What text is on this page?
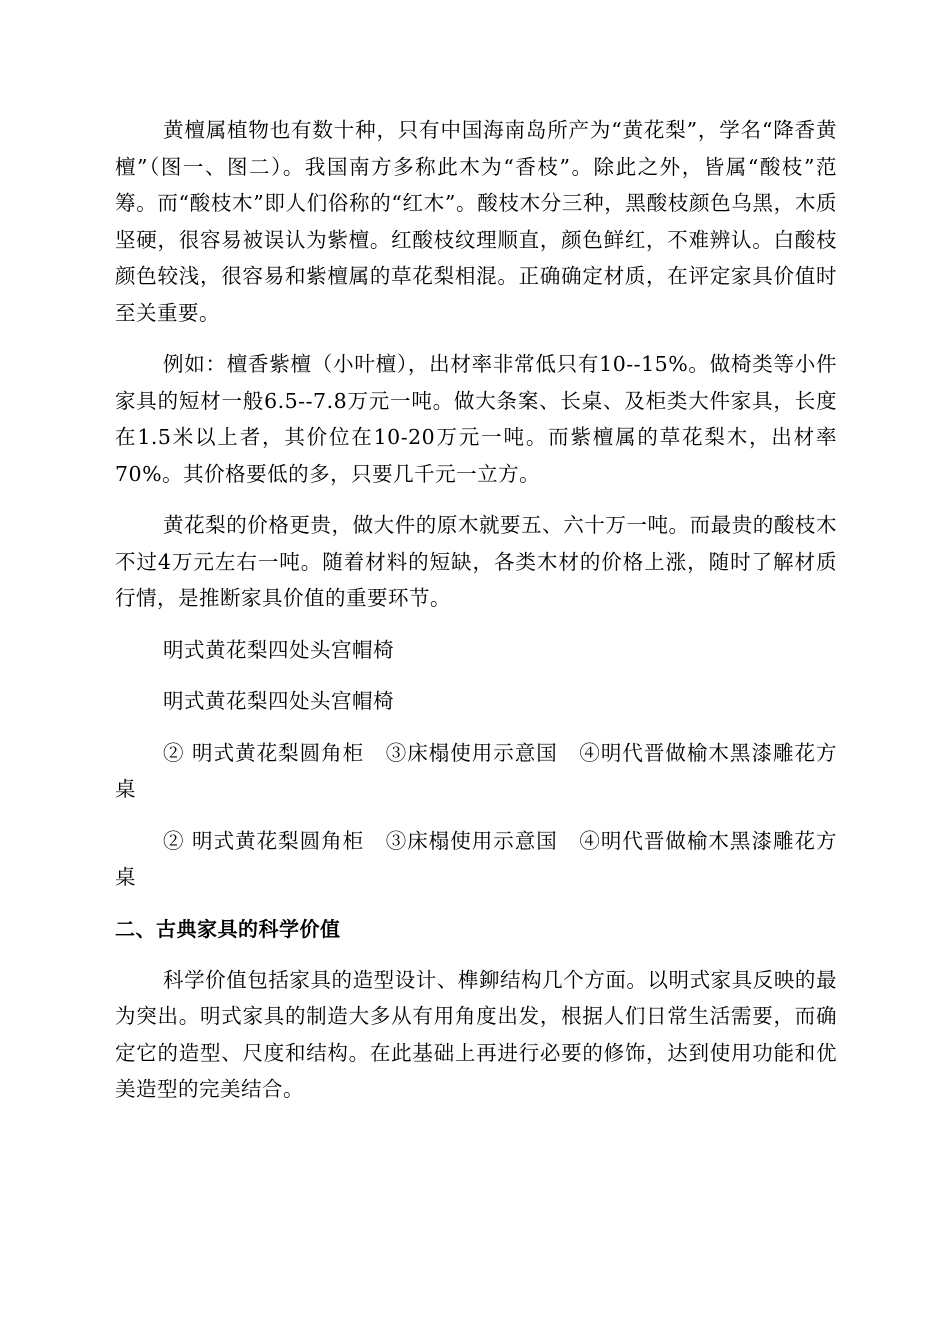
黄檀属植物也有数十种，只有中国海南岛所产为“黄花梨”，学名“降香黄檀”（图一、图二）。我国南方多称此木为“香枝”。除此之外，皆属“酸枝”范筹。而“酸枝木”即人们俗称的“红木”。酸枝木分三种，黑酸枝颜色乌黑，木质坚硬，很容易被误认为紫檀。红酸枝纹理顺直，颜色鲜红，不难辨认。白酸枝颜色较浅，很容易和紫檀属的草花梨相混。正确确定材质，在评定家具价值时至关重要。

例如：檀香紫檀（小叶檀），出材率非常低只有10--15%。做椅类等小件家具的短材一般6.5--7.8万元一吨。做大条案、长桌、及柜类大件家具，长度在1.5米以上者，其价位在10-20万元一吨。而紫檀属的草花梨木，出材率70%。其价格要低的多，只要几千元一立方。

黄花梨的价格更贵，做大件的原木就要五、六十万一吨。而最贵的酸枝木不过4万元左右一吨。随着材料的短缺，各类木材的价格上涨，随时了解材质行情，是推断家具价值的重要环节。

明式黄花梨四处头宫帽椅

明式黄花梨四处头宫帽椅

② 明式黄花梨圆角柜　③床榻使用示意国　④明代晋做榆木黑漆雕花方桌

② 明式黄花梨圆角柜　③床榻使用示意国　④明代晋做榆木黑漆雕花方桌

二、古典家具的科学价值

科学价值包括家具的造型设计、榫鉚结构几个方面。以明式家具反映的最为突出。明式家具的制造大多从有用角度出发，根据人们日常生活需要，而确定它的造型、尺度和结构。在此基础上再进行必要的修饰，达到使用功能和优美造型的完美结合。
